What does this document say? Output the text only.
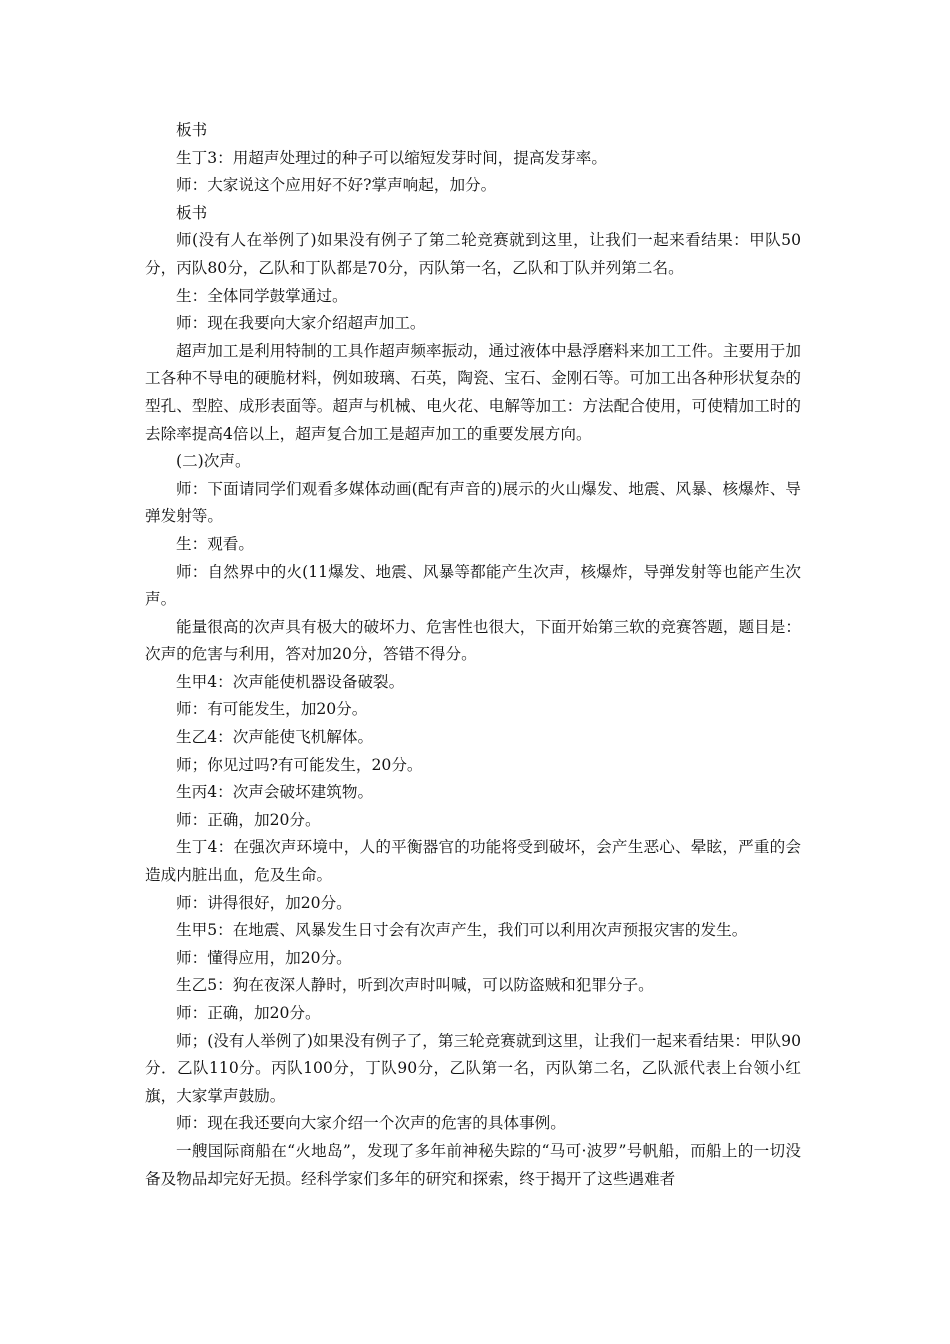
板书

生丁3：用超声处理过的种子可以缩短发芽时间，提高发芽率。

师：大家说这个应用好不好?掌声响起，加分。

板书

师(没有人在举例了)如果没有例子了第二轮竞赛就到这里，让我们一起来看结果：甲队50分，丙队80分，乙队和丁队都是70分，丙队第一名，乙队和丁队并列第二名。

生：全体同学鼓掌通过。

师：现在我要向大家介绍超声加工。

超声加工是利用特制的工具作超声频率振动，通过液体中悬浮磨料来加工工件。主要用于加工各种不导电的硬脆材料，例如玻璃、石英，陶瓷、宝石、金刚石等。可加工出各种形状复杂的型孔、型腔、成形表面等。超声与机械、电火花、电解等加工：方法配合使用，可使精加工时的去除率提高4倍以上，超声复合加工是超声加工的重要发展方向。

(二)次声。

师：下面请同学们观看多媒体动画(配有声音的)展示的火山爆发、地震、风暴、核爆炸、导弹发射等。

生：观看。

师：自然界中的火(11爆发、地震、风暴等都能产生次声，核爆炸，导弹发射等也能产生次声。

能量很高的次声具有极大的破坏力、危害性也很大，下面开始第三软的竞赛答题，题目是：次声的危害与利用，答对加20分，答错不得分。

生甲4：次声能使机器设备破裂。

师：有可能发生，加20分。

生乙4：次声能使飞机解体。

师；你见过吗?有可能发生，20分。

生丙4：次声会破坏建筑物。

师：正确，加20分。

生丁4：在强次声环境中，人的平衡器官的功能将受到破坏，会产生恶心、晕眩，严重的会造成内脏出血，危及生命。

师：讲得很好，加20分。

生甲5：在地震、风暴发生日寸会有次声产生，我们可以利用次声预报灾害的发生。

师：懂得应用，加20分。

生乙5：狗在夜深人静时，听到次声时叫喊，可以防盗贼和犯罪分子。

师：正确，加20分。

师；(没有人举例了)如果没有例子了，第三轮竞赛就到这里，让我们一起来看结果：甲队90分．乙队110分。丙队100分，丁队90分，乙队第一名，丙队第二名，乙队派代表上台领小红旗，大家掌声鼓励。

师：现在我还要向大家介绍一个次声的危害的具体事例。

一艘国际商船在“火地岛”，发现了多年前神秘失踪的“马可·波罗”号帆船，而船上的一切没备及物品却完好无损。经科学家们多年的研究和探索，终于揭开了这些遇难者
